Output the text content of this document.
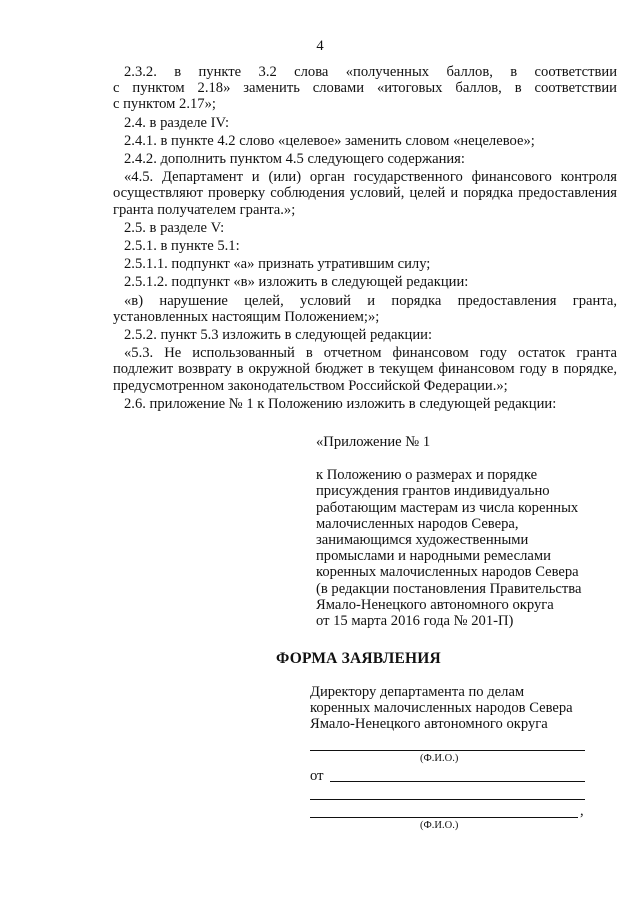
4

2.3.2. в пункте 3.2 слова «полученных баллов, в соответствии

с пунктом 2.18» заменить словами «итоговых баллов, в соответствии

с пунктом 2.17»;

2.4. в разделе IV:

2.4.1. в пункте 4.2 слово «целевое» заменить словом «нецелевое»;

2.4.2. дополнить пунктом 4.5 следующего содержания:

«4.5. Департамент и (или) орган государственного финансового контроля

осуществляют проверку соблюдения условий, целей и порядка предоставления

гранта получателем гранта.»;

2.5. в разделе V:

2.5.1. в пункте 5.1:

2.5.1.1. подпункт «а» признать утратившим силу;

2.5.1.2. подпункт «в» изложить в следующей редакции:

«в) нарушение целей, условий и порядка предоставления гранта,

установленных настоящим Положением;»;

2.5.2. пункт 5.3 изложить в следующей редакции:

«5.3. Не использованный в отчетном финансовом году остаток гранта

подлежит возврату в окружной бюджет в текущем финансовом году в порядке,

предусмотренном законодательством Российской Федерации.»;

2.6. приложение № 1 к Положению изложить в следующей редакции:

«Приложение № 1
к Положению о размерах и порядке
присуждения грантов индивидуально
работающим мастерам из числа коренных
малочисленных народов Севера,
занимающимся художественными
промыслами и народными ремеслами
коренных малочисленных народов Севера
(в редакции постановления Правительства
Ямало-Ненецкого автономного округа
от 15 марта 2016 года № 201-П)
ФОРМА ЗАЯВЛЕНИЯ
Директору департамента по делам
коренных малочисленных народов Севера
Ямало-Ненецкого автономного округа
(Ф.И.О.)
от
,
(Ф.И.О.)
